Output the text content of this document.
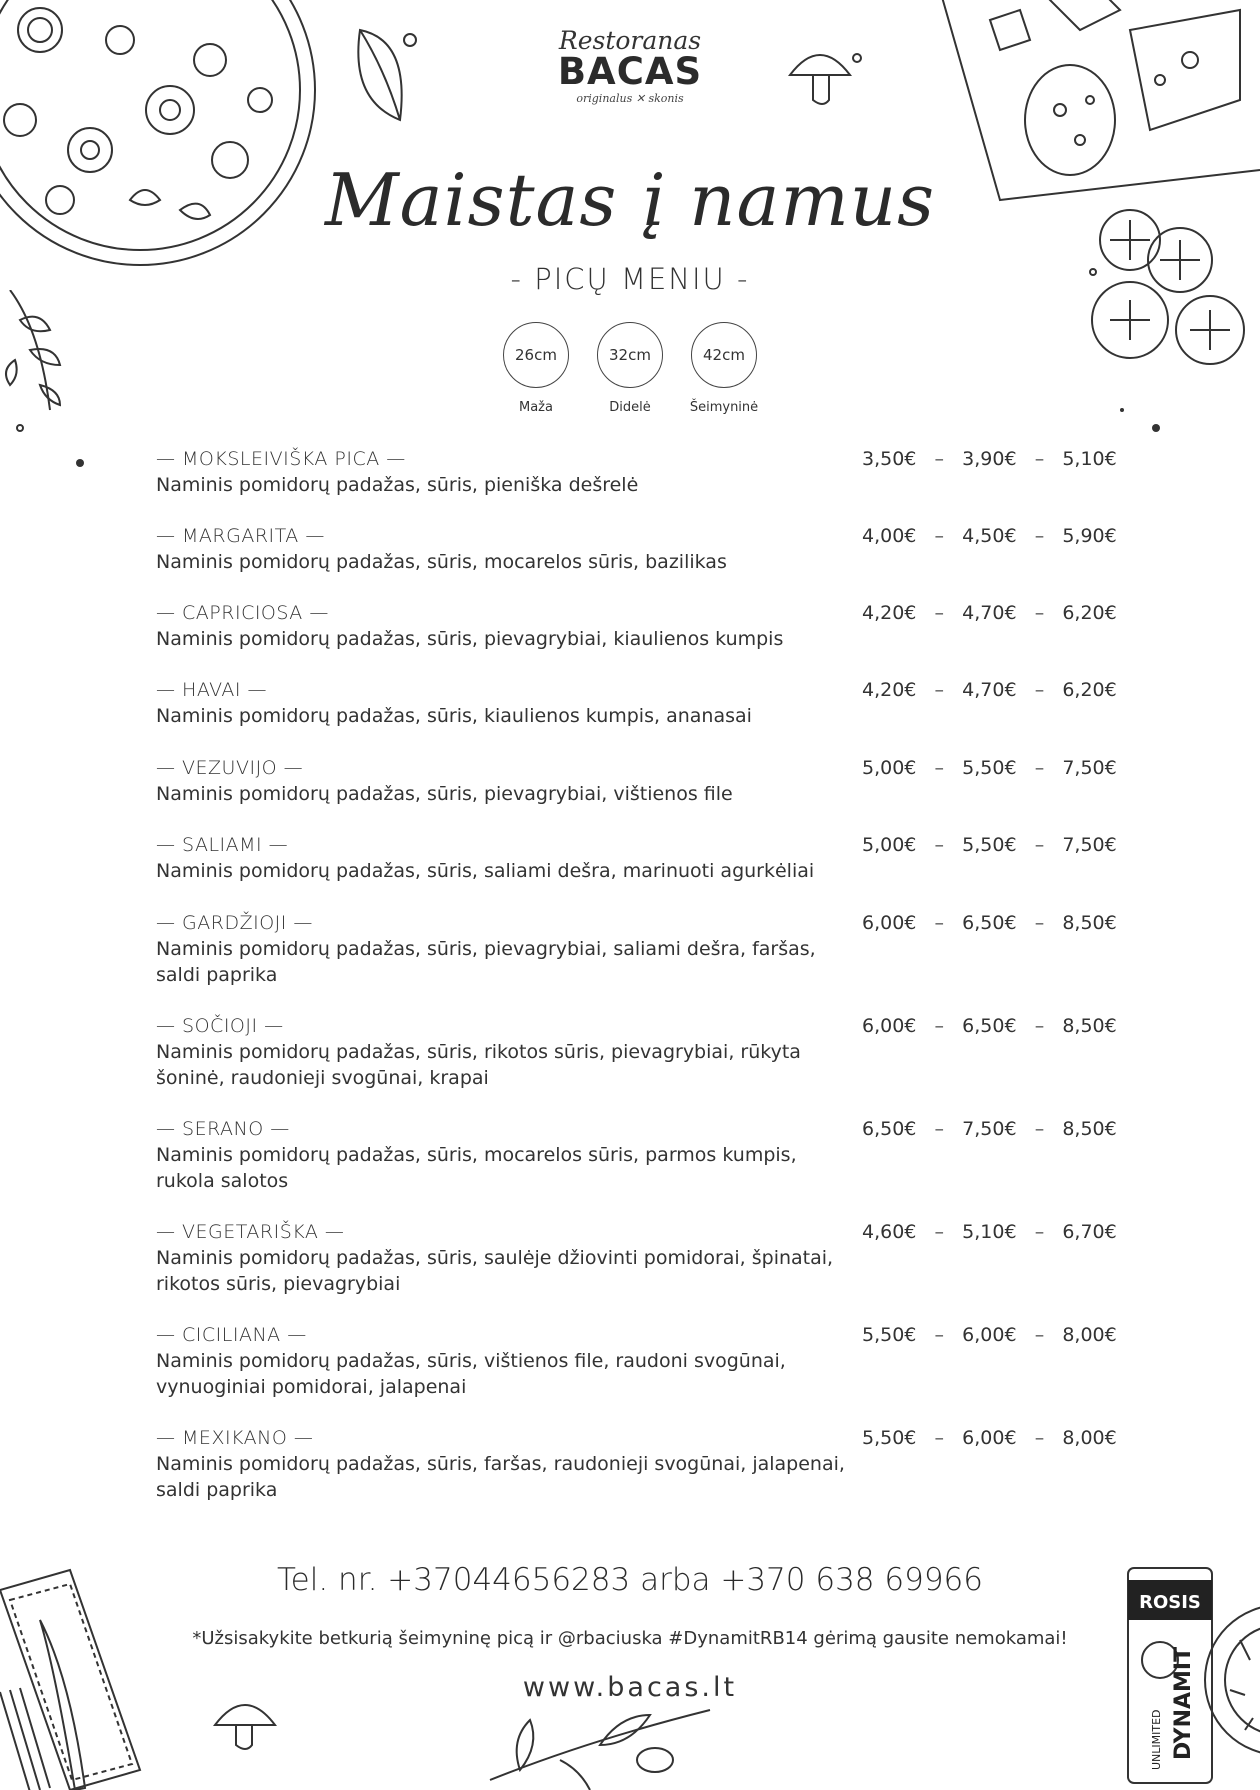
ROSIS
DYNAMIT
UNLIMITED
Restoranas
BACAS
originalus ✕ skonis
Maistas į namus
- PICŲ MENIU -
26cm
Maža
32cm
Didelė
42cm
Šeimyninė
— MOKSLEIVIŠKA PICA —
Naminis pomidorų padažas, sūris, pieniška dešrelė
3,50€ – 3,90€ – 5,10€
— MARGARITA —
Naminis pomidorų padažas, sūris, mocarelos sūris, bazilikas
4,00€ – 4,50€ – 5,90€
— CAPRICIOSA —
Naminis pomidorų padažas, sūris, pievagrybiai, kiaulienos kumpis
4,20€ – 4,70€ – 6,20€
— HAVAI —
Naminis pomidorų padažas, sūris, kiaulienos kumpis, ananasai
4,20€ – 4,70€ – 6,20€
— VEZUVIJO —
Naminis pomidorų padažas, sūris, pievagrybiai, vištienos file
5,00€ – 5,50€ – 7,50€
— SALIAMI —
Naminis pomidorų padažas, sūris, saliami dešra, marinuoti agurkėliai
5,00€ – 5,50€ – 7,50€
— GARDŽIOJI —
Naminis pomidorų padažas, sūris, pievagrybiai, saliami dešra, faršas, saldi paprika
6,00€ – 6,50€ – 8,50€
— SOČIOJI —
Naminis pomidorų padažas, sūris, rikotos sūris, pievagrybiai, rūkyta šoninė, raudonieji svogūnai, krapai
6,00€ – 6,50€ – 8,50€
— SERANO —
Naminis pomidorų padažas, sūris, mocarelos sūris, parmos kumpis, rukola salotos
6,50€ – 7,50€ – 8,50€
— VEGETARIŠKA —
Naminis pomidorų padažas, sūris, saulėje džiovinti pomidorai, špinatai, rikotos sūris, pievagrybiai
4,60€ – 5,10€ – 6,70€
— CICILIANA —
Naminis pomidorų padažas, sūris, vištienos file, raudoni svogūnai, vynuoginiai pomidorai, jalapenai
5,50€ – 6,00€ – 8,00€
— MEXIKANO —
Naminis pomidorų padažas, sūris, faršas, raudonieji svogūnai, jalapenai, saldi paprika
5,50€ – 6,00€ – 8,00€
Tel. nr. +37044656283 arba +370 638 69966
*Užsisakykite betkurią šeimyninę picą ir @rbaciuska #DynamitRB14 gėrimą gausite nemokamai!
www.bacas.lt
